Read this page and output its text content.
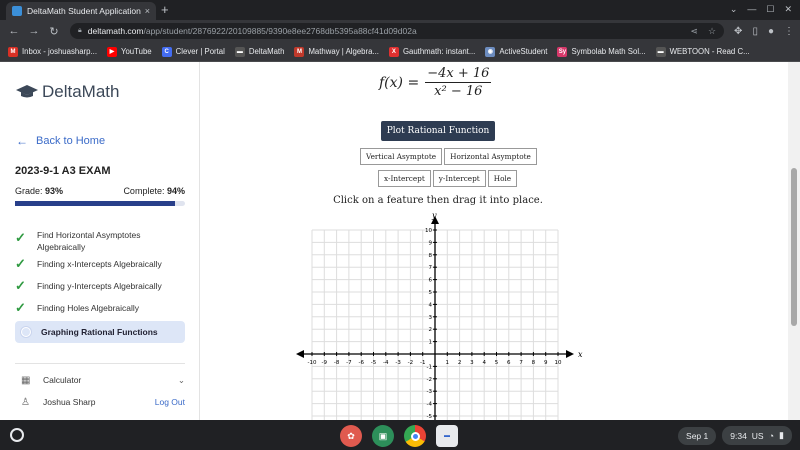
DeltaMath Student Application × +	⌄ — ☐ ✕
← → ↻	🔒︎ deltamath.com /app/student/2876922/20109885/9390e8ee2768db5395a88cf41d09d02a	⋖ ☆ ✥ ▯ ● ⋮
M Inbox - joshuasharp...	▶ YouTube	C Clever | Portal	▬ DeltaMath	M Mathway | Algebra...	X Gauthmath: instant...	◉ ActiveStudent Sy Symbolab Math Sol...	▬ WEBTOON - Read C...
DeltaMath
← Back to Home
2023-9-1 A3 EXAM
Grade: 93%	Complete: 94%
✓	Find Horizontal Asymptotes Algebraically
✓	Finding x-Intercepts Algebraically
✓	Finding y-Intercepts Algebraically
✓	Finding Holes Algebraically
Graphing Rational Functions
▦	Calculator	⌄
♙	Joshua Sharp	Log Out
$f(x) = \frac{-4x + 16}{\text{x² − 16}}$
Plot Rational Function
Vertical Asymptote	Horizontal Asymptote
x-Intercept	y-Intercept	Hole
Click on a feature then drag it into place.
x
y
-10 -9 -8 -7 -6 -5 -4 -3 -2 -1	1 2 3 4 5 6 7 8 9 10
-5
-4
-3
-2
-1
1
2
3
4
5
6
7
8
9
10
✿	▣	▬	Sep 1	9:34 US ◔ ▮
